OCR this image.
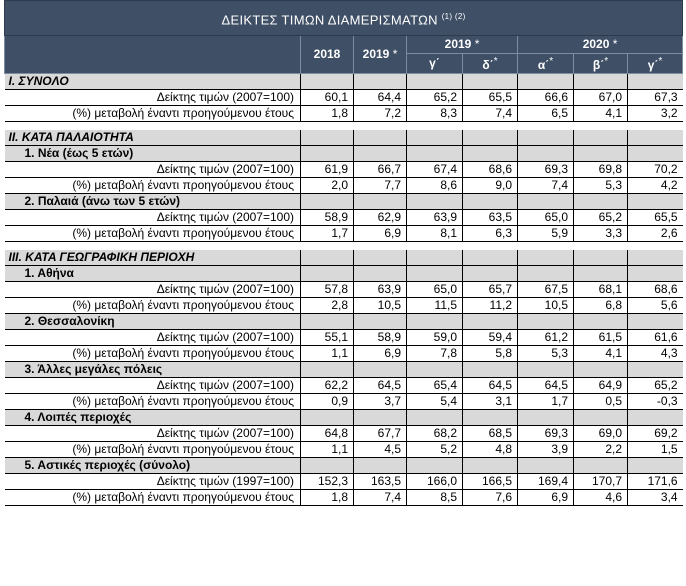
ΔΕΙΚΤΕΣ ΤΙΜΩΝ ΔΙΑΜΕΡΙΣΜΑΤΩΝ $^{(1) (2)}$
	2018	2019 *	2019 *		2020 *		
			γ΄	δ΄*	α΄*	β΄*	γ΄*
I. ΣΥΝΟΛΟ							
Δείκτης τιμών (2007=100)	60,1	64,4	65,2	65,5	66,6	67,0	67,3
(%) μεταβολή έναντι προηγούμενου έτους	1,8	7,2	8,3	7,4	6,5	4,1	3,2

II. ΚΑΤΑ ΠΑΛΑΙΟΤΗΤΑ							
1. Νέα (έως 5 ετών)							
Δείκτης τιμών (2007=100)	61,9	66,7	67,4	68,6	69,3	69,8	70,2
(%) μεταβολή έναντι προηγούμενου έτους	2,0	7,7	8,6	9,0	7,4	5,3	4,2
2. Παλαιά (άνω των 5 ετών)							
Δείκτης τιμών (2007=100)	58,9	62,9	63,9	63,5	65,0	65,2	65,5
(%) μεταβολή έναντι προηγούμενου έτους	1,7	6,9	8,1	6,3	5,9	3,3	2,6

III. ΚΑΤΑ ΓΕΩΓΡΑΦΙΚΗ ΠΕΡΙΟΧΗ							
1. Αθήνα							
Δείκτης τιμών (2007=100)	57,8	63,9	65,0	65,7	67,5	68,1	68,6
(%) μεταβολή έναντι προηγούμενου έτους	2,8	10,5	11,5	11,2	10,5	6,8	5,6
2. Θεσσαλονίκη							
Δείκτης τιμών (2007=100)	55,1	58,9	59,0	59,4	61,2	61,5	61,6
(%) μεταβολή έναντι προηγούμενου έτους	1,1	6,9	7,8	5,8	5,3	4,1	4,3
3. Άλλες μεγάλες πόλεις							
Δείκτης τιμών (2007=100)	62,2	64,5	65,4	64,5	64,5	64,9	65,2
(%) μεταβολή έναντι προηγούμενου έτους	0,9	3,7	5,4	3,1	1,7	0,5	-0,3
4. Λοιπές περιοχές							
Δείκτης τιμών (2007=100)	64,8	67,7	68,2	68,5	69,3	69,0	69,2
(%) μεταβολή έναντι προηγούμενου έτους	1,1	4,5	5,2	4,8	3,9	2,2	1,5
5. Αστικές περιοχές (σύνολο)							
Δείκτης τιμών (1997=100)	152,3	163,5	166,0	166,5	169,4	170,7	171,6
(%) μεταβολή έναντι προηγούμενου έτους	1,8	7,4	8,5	7,6	6,9	4,6	3,4
